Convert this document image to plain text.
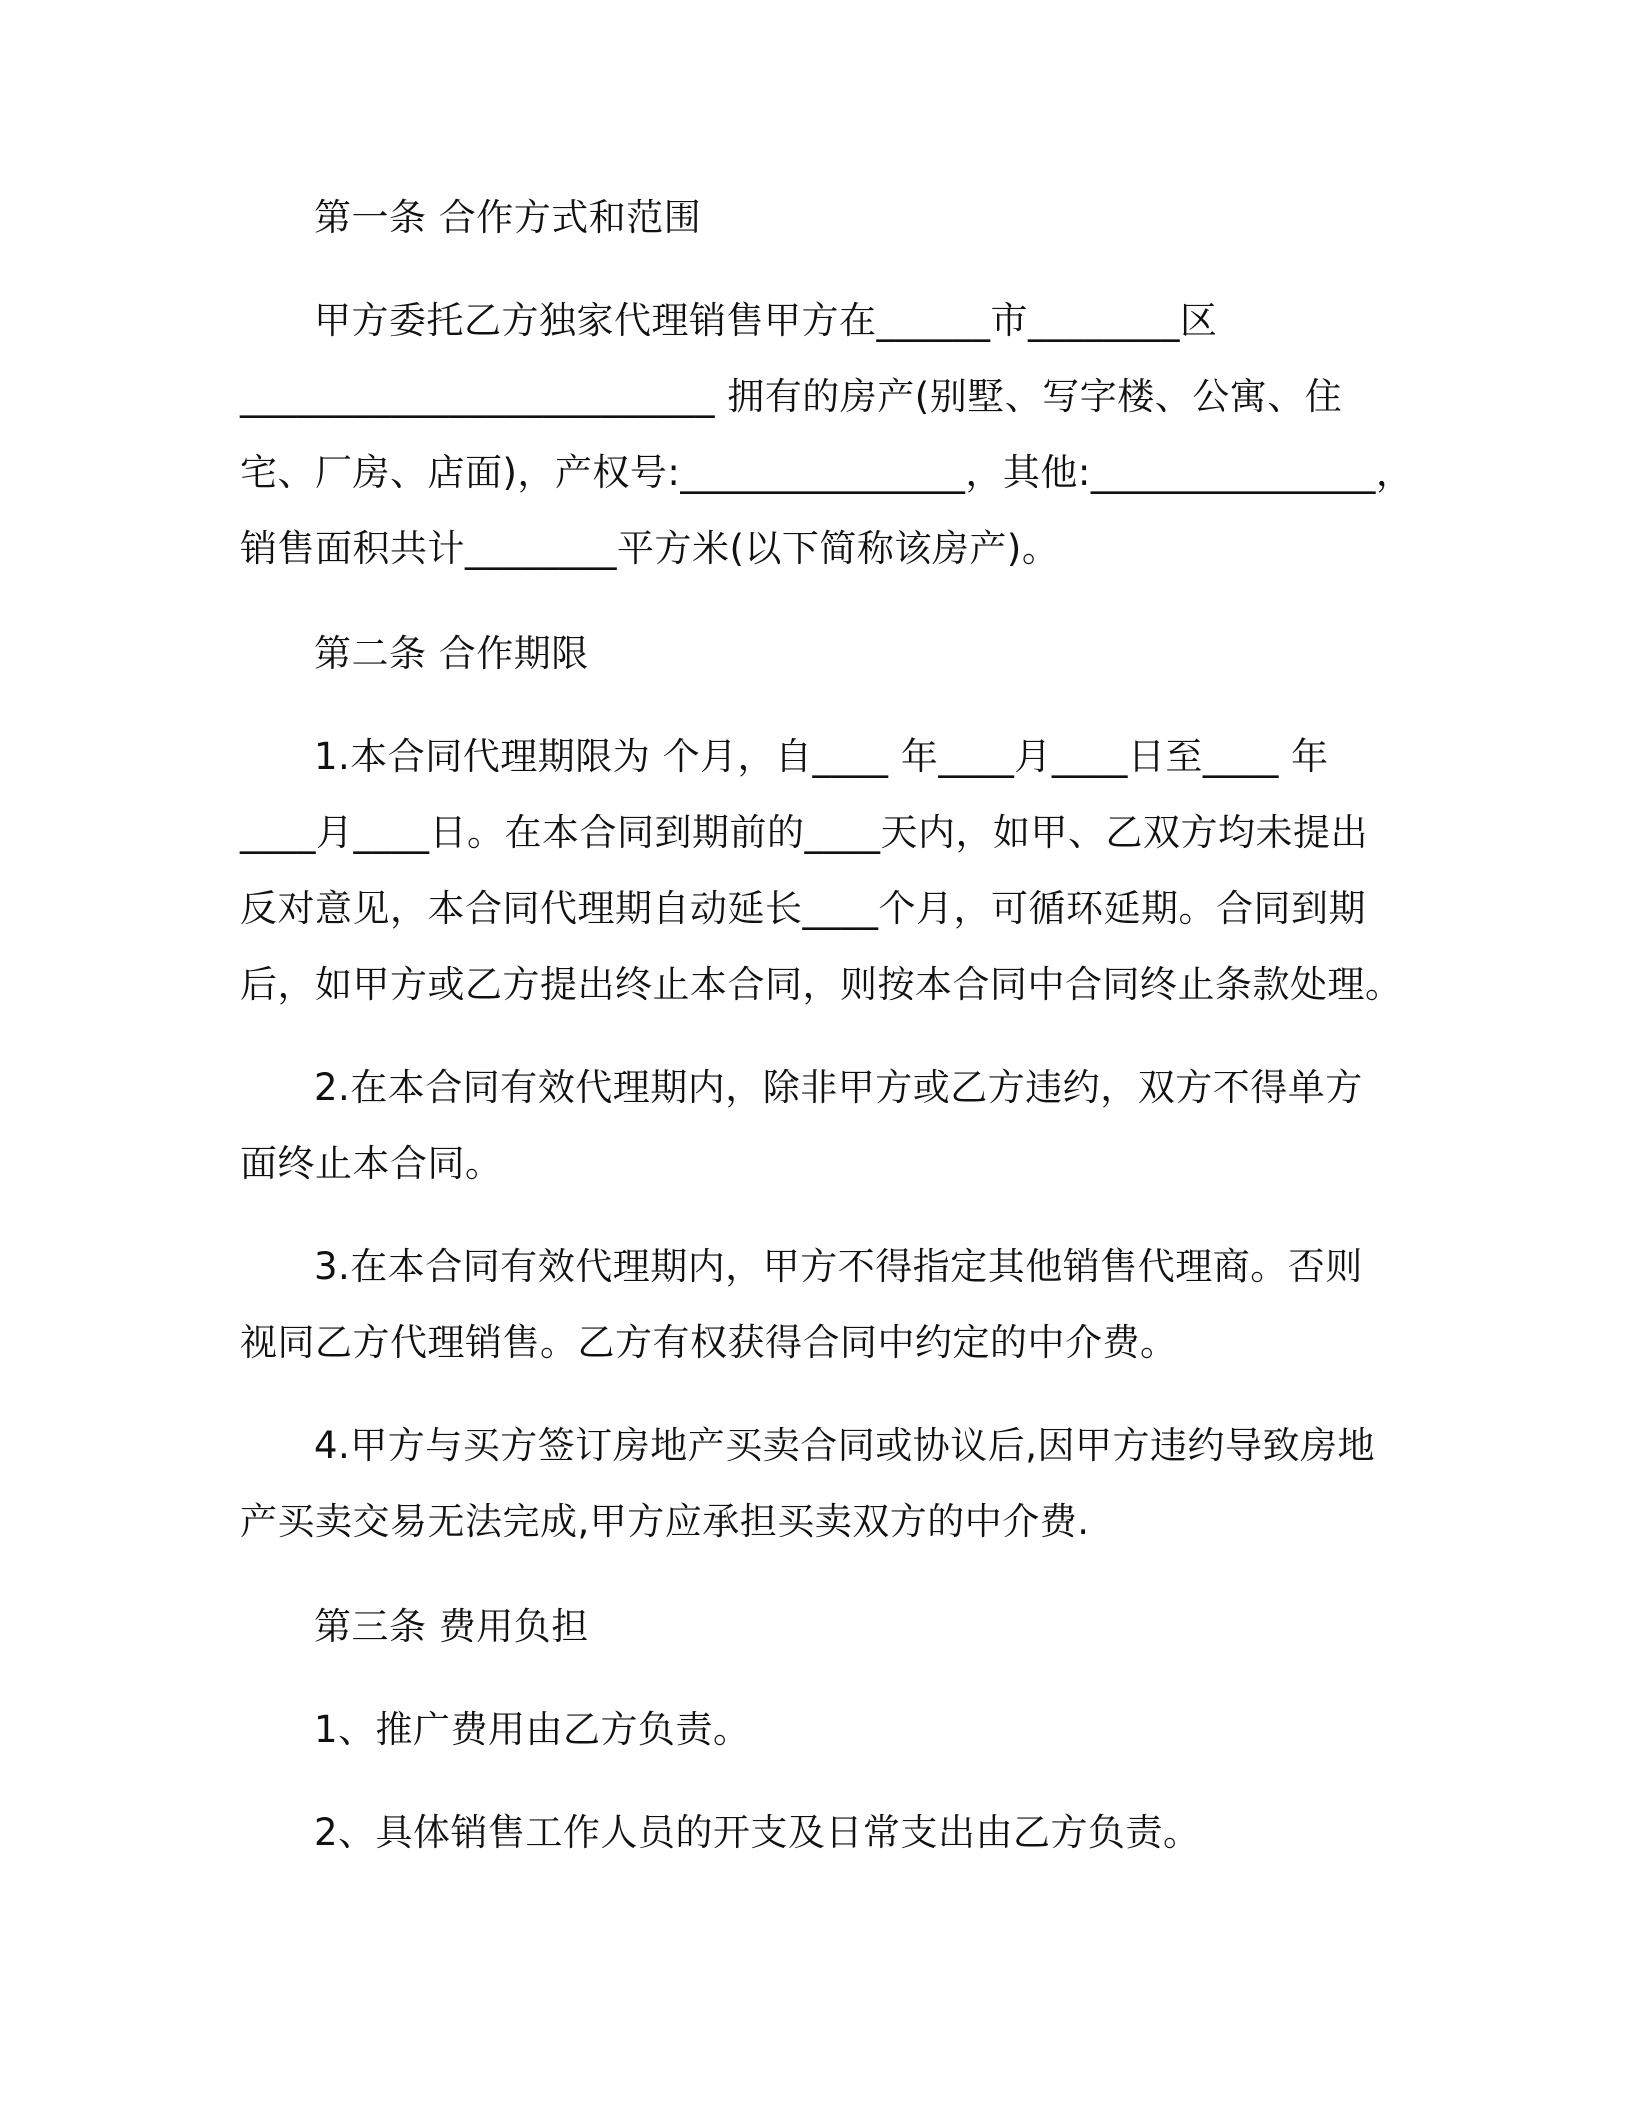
第一条 合作方式和范围
甲方委托乙方独家代理销售甲方在______市________区
_________________________ 拥有的房产(别墅、写字楼、公寓、住
宅、厂房、店面)，产权号:_______________，其他:_______________，
销售面积共计________平方米(以下简称该房产)。
第二条 合作期限
1.本合同代理期限为 个月，自____ 年____月____日至____ 年
____月____日。在本合同到期前的____天内，如甲、乙双方均未提出
反对意见，本合同代理期自动延长____个月，可循环延期。合同到期
后，如甲方或乙方提出终止本合同，则按本合同中合同终止条款处理。
2.在本合同有效代理期内，除非甲方或乙方违约，双方不得单方
面终止本合同。
3.在本合同有效代理期内，甲方不得指定其他销售代理商。否则
视同乙方代理销售。乙方有权获得合同中约定的中介费。
4.甲方与买方签订房地产买卖合同或协议后,因甲方违约导致房地
产买卖交易无法完成,甲方应承担买卖双方的中介费.
第三条 费用负担
1、推广费用由乙方负责。
2、具体销售工作人员的开支及日常支出由乙方负责。
